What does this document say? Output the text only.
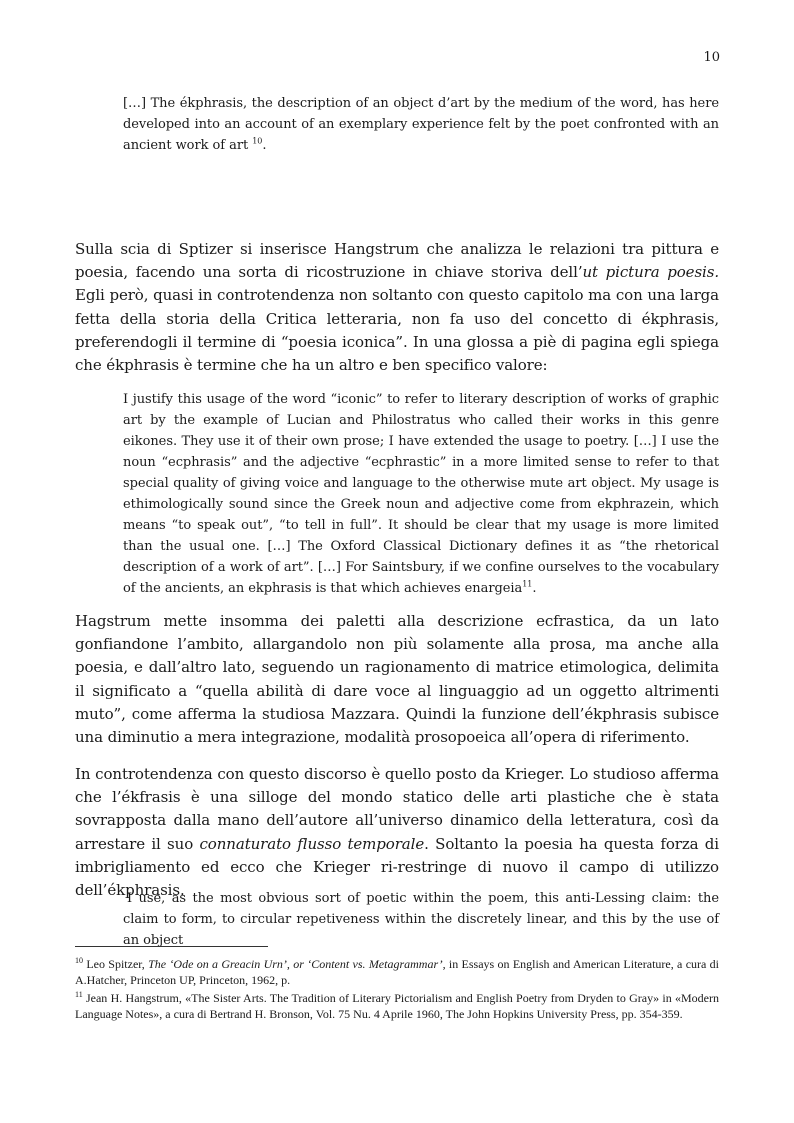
10
[…] The ékphrasis, the description of an object d’art by the medium of the word, has here developed into an account of an exemplary experience felt by the poet confronted with an ancient work of art $^{10}$.
Sulla scia di Sptizer si inserisce Hangstrum che analizza le relazioni tra pittura e poesia, facendo una sorta di ricostruzione in chiave storiva dell’ut pictura poesis. Egli però, quasi in controtendenza non soltanto con questo capitolo ma con una larga fetta della storia della Critica letteraria, non fa uso del concetto di ékphrasis, preferendogli il termine di “poesia iconica”. In una glossa a piè di pagina egli spiega che ékphrasis è termine che ha un altro e ben specifico valore:
I justify this usage of the word “iconic” to refer to literary description of works of graphic art by the example of Lucian and Philostratus who called their works in this genre eikones. They use it of their own prose; I have extended the usage to poetry. […] I use the noun “ecphrasis” and the adjective “ecphrastic” in a more limited sense to refer to that special quality of giving voice and language to the otherwise mute art object. My usage is ethimologically sound since the Greek noun and adjective come from ekphrazein, which means “to speak out”, “to tell in full”. It should be clear that my usage is more limited than the usual one. […] The Oxford Classical Dictionary defines it as “the rhetorical description of a work of art”. […] For Saintsbury, if we confine ourselves to the vocabulary of the ancients, an ekphrasis is that which achieves enargeia$^{11}$.
Hagstrum mette insomma dei paletti alla descrizione ecfrastica, da un lato gonfiandone l’ambito, allargandolo non più solamente alla prosa, ma anche alla poesia, e dall’altro lato, seguendo un ragionamento di matrice etimologica, delimita il significato a “quella abilità di dare voce al linguaggio ad un oggetto altrimenti muto”, come afferma la studiosa Mazzara. Quindi la funzione dell’ékphrasis subisce una diminutio a mera integrazione, modalità prosopoeica all’opera di riferimento.
In controtendenza con questo discorso è quello posto da Krieger. Lo studioso afferma che l’ékfrasis è una silloge del mondo statico delle arti plastiche che è stata sovrapposta dalla mano dell’autore all’universo dinamico della letteratura, così da arrestare il suo connaturato flusso temporale. Soltanto la poesia ha questa forza di imbrigliamento ed ecco che Krieger ri-restringe di nuovo il campo di utilizzo dell’ékphrasis.
I use, as the most obvious sort of poetic within the poem, this anti-Lessing claim: the claim to form, to circular repetiveness within the discretely linear, and this by the use of an object
$^{10}$ Leo Spitzer, The ‘Ode on a Greacin Urn’, or ‘Content vs. Metagrammar’, in Essays on English and American Literature, a cura di A.Hatcher, Princeton UP, Princeton, 1962, p.
$^{11}$ Jean H. Hangstrum, «The Sister Arts. The Tradition of Literary Pictorialism and English Poetry from Dryden to Gray» in «Modern Language Notes», a cura di Bertrand H. Bronson, Vol. 75 Nu. 4 Aprile 1960, The John Hopkins University Press, pp. 354-359.
